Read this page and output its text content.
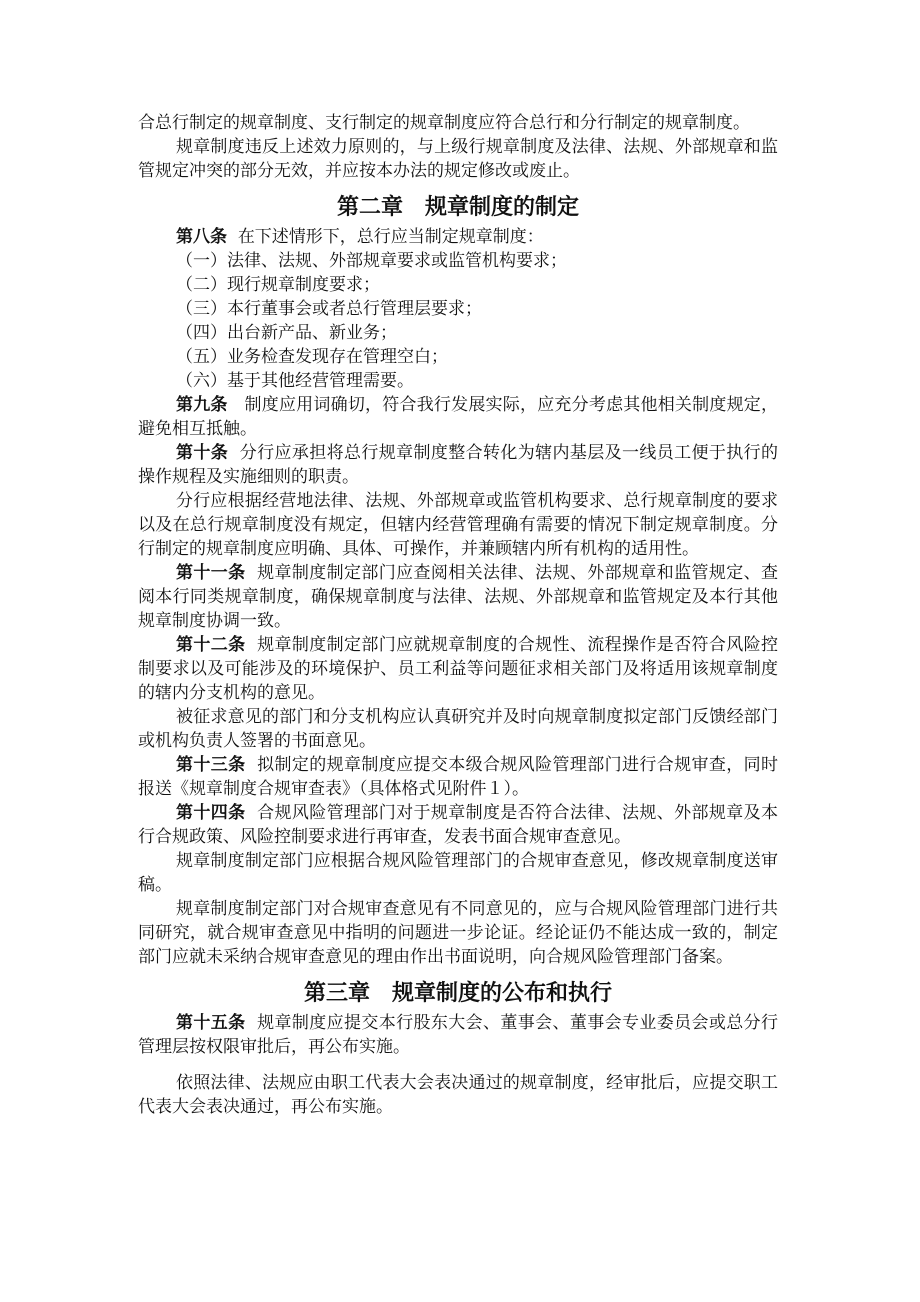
合总行制定的规章制度、支行制定的规章制度应符合总行和分行制定的规章制度。

规章制度违反上述效力原则的，与上级行规章制度及法律、法规、外部规章和监管规定冲突的部分无效，并应按本办法的规定修改或废止。

第二章　规章制度的制定

第八条 在下述情形下，总行应当制定规章制度：

（一）法律、法规、外部规章要求或监管机构要求；

（二）现行规章制度要求；

（三）本行董事会或者总行管理层要求；

（四）出台新产品、新业务；

（五）业务检查发现存在管理空白；

（六）基于其他经营管理需要。

第九条 制度应用词确切，符合我行发展实际，应充分考虑其他相关制度规定，避免相互抵触。

第十条 分行应承担将总行规章制度整合转化为辖内基层及一线员工便于执行的操作规程及实施细则的职责。

分行应根据经营地法律、法规、外部规章或监管机构要求、总行规章制度的要求以及在总行规章制度没有规定，但辖内经营管理确有需要的情况下制定规章制度。分行制定的规章制度应明确、具体、可操作，并兼顾辖内所有机构的适用性。

第十一条 规章制度制定部门应查阅相关法律、法规、外部规章和监管规定、查阅本行同类规章制度，确保规章制度与法律、法规、外部规章和监管规定及本行其他规章制度协调一致。

第十二条 规章制度制定部门应就规章制度的合规性、流程操作是否符合风险控制要求以及可能涉及的环境保护、员工利益等问题征求相关部门及将适用该规章制度的辖内分支机构的意见。

被征求意见的部门和分支机构应认真研究并及时向规章制度拟定部门反馈经部门或机构负责人签署的书面意见。

第十三条 拟制定的规章制度应提交本级合规风险管理部门进行合规审查，同时报送《规章制度合规审查表》（具体格式见附件１）。

第十四条 合规风险管理部门对于规章制度是否符合法律、法规、外部规章及本行合规政策、风险控制要求进行再审查，发表书面合规审查意见。

规章制度制定部门应根据合规风险管理部门的合规审查意见，修改规章制度送审稿。

规章制度制定部门对合规审查意见有不同意见的，应与合规风险管理部门进行共同研究，就合规审查意见中指明的问题进一步论证。经论证仍不能达成一致的，制定部门应就未采纳合规审查意见的理由作出书面说明，向合规风险管理部门备案。

第三章　规章制度的公布和执行

第十五条 规章制度应提交本行股东大会、董事会、董事会专业委员会或总分行管理层按权限审批后，再公布实施。

依照法律、法规应由职工代表大会表决通过的规章制度，经审批后，应提交职工代表大会表决通过，再公布实施。
